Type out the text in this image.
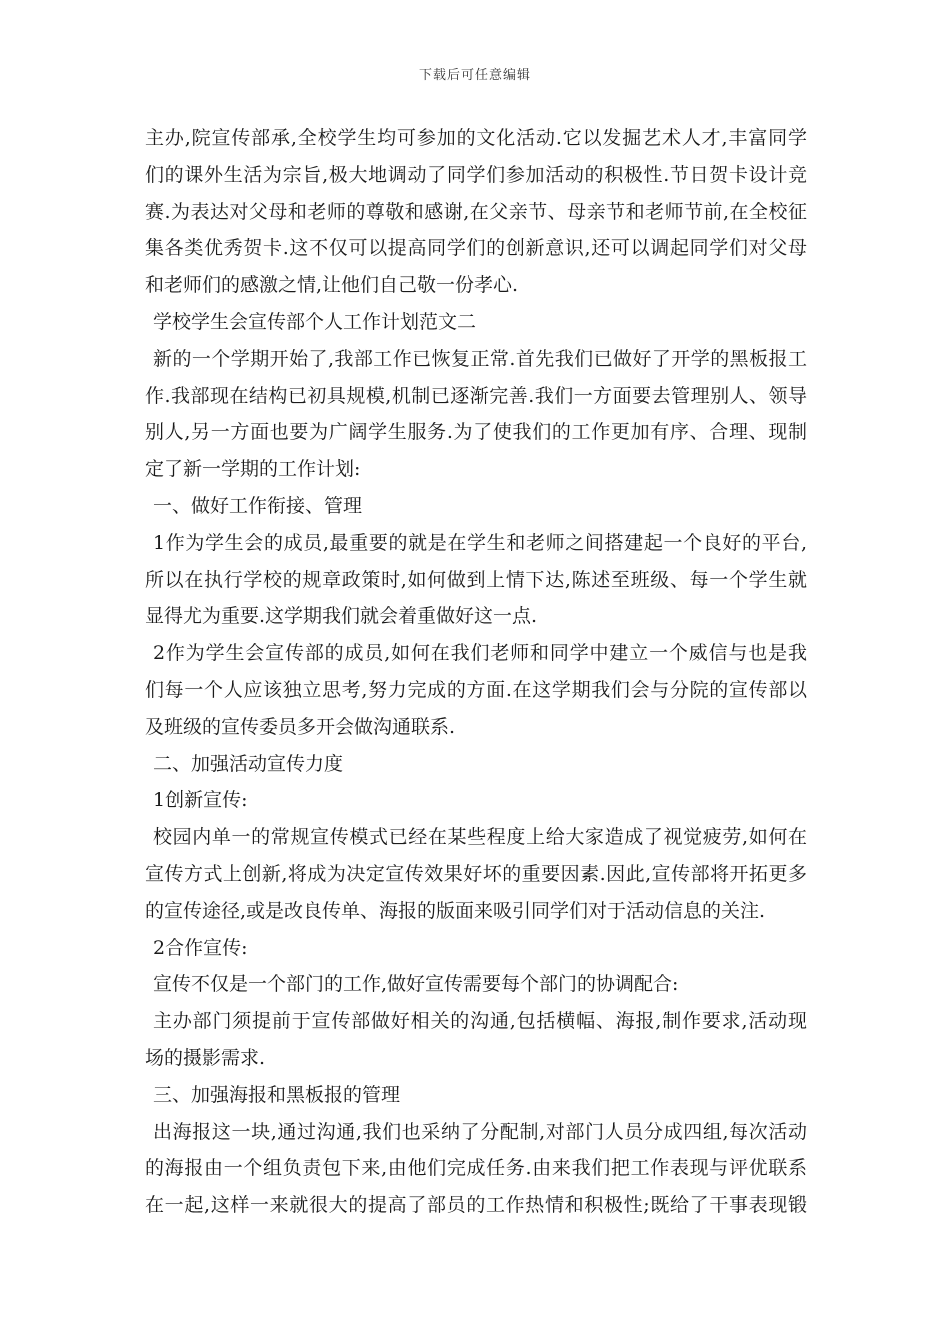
下载后可任意编辑
主办,院宣传部承,全校学生均可参加的文化活动.它以发掘艺术人才,丰富同学
们的课外生活为宗旨,极大地调动了同学们参加活动的积极性.节日贺卡设计竞
赛.为表达对父母和老师的尊敬和感谢,在父亲节、母亲节和老师节前,在全校征
集各类优秀贺卡.这不仅可以提高同学们的创新意识,还可以调起同学们对父母
和老师们的感激之情,让他们自己敬一份孝心.
学校学生会宣传部个人工作计划范文二
新的一个学期开始了,我部工作已恢复正常.首先我们已做好了开学的黑板报工
作.我部现在结构已初具规模,机制已逐渐完善.我们一方面要去管理别人、领导
别人,另一方面也要为广阔学生服务.为了使我们的工作更加有序、合理、现制
定了新一学期的工作计划:
一、做好工作衔接、管理
1作为学生会的成员,最重要的就是在学生和老师之间搭建起一个良好的平台,
所以在执行学校的规章政策时,如何做到上情下达,陈述至班级、每一个学生就
显得尤为重要.这学期我们就会着重做好这一点.
2作为学生会宣传部的成员,如何在我们老师和同学中建立一个威信与也是我
们每一个人应该独立思考,努力完成的方面.在这学期我们会与分院的宣传部以
及班级的宣传委员多开会做沟通联系.
二、加强活动宣传力度
1创新宣传:
校园内单一的常规宣传模式已经在某些程度上给大家造成了视觉疲劳,如何在
宣传方式上创新,将成为决定宣传效果好坏的重要因素.因此,宣传部将开拓更多
的宣传途径,或是改良传单、海报的版面来吸引同学们对于活动信息的关注.
2合作宣传:
宣传不仅是一个部门的工作,做好宣传需要每个部门的协调配合:
主办部门须提前于宣传部做好相关的沟通,包括横幅、海报,制作要求,活动现
场的摄影需求.
三、加强海报和黑板报的管理
出海报这一块,通过沟通,我们也采纳了分配制,对部门人员分成四组,每次活动
的海报由一个组负责包下来,由他们完成任务.由来我们把工作表现与评优联系
在一起,这样一来就很大的提高了部员的工作热情和积极性;既给了干事表现锻
